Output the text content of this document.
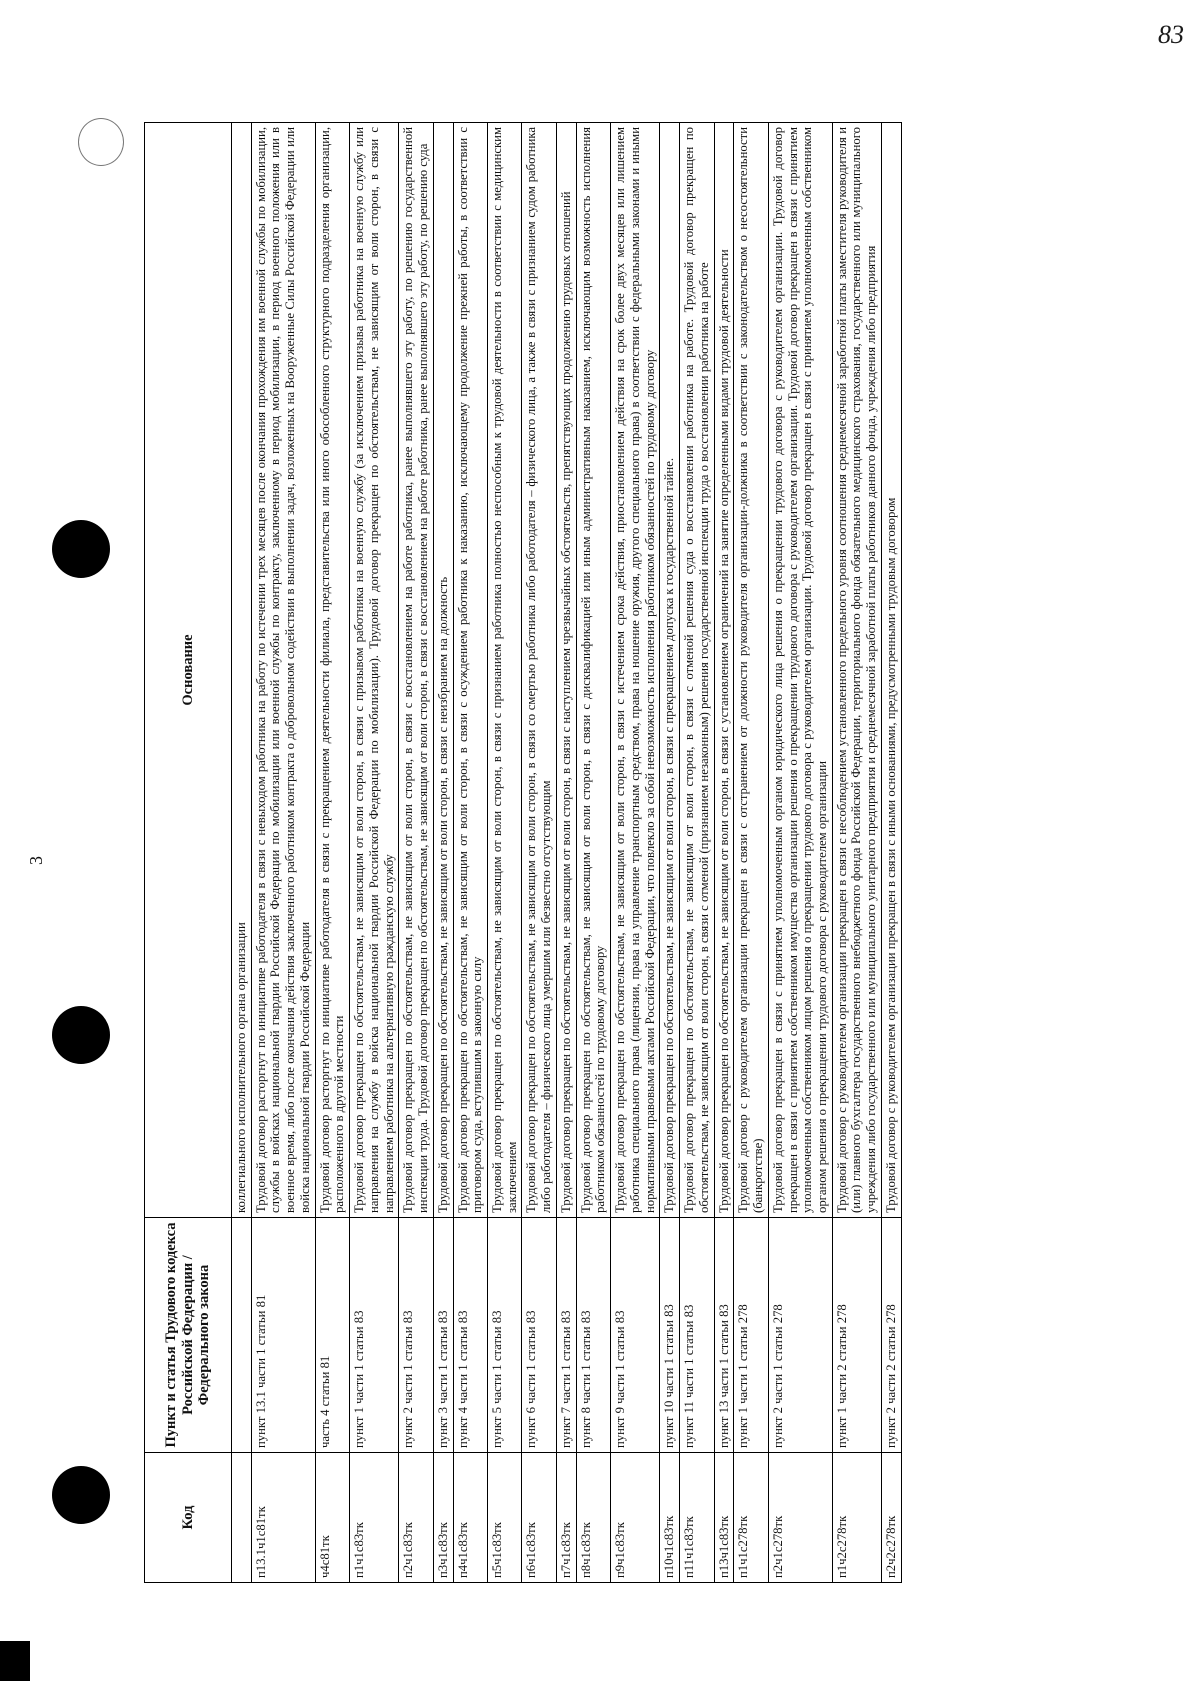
83
3
Код	Пункт и статья Трудового кодекса Российской Федерации / Федерального закона	Основание
		коллегиального исполнительного органа организации
п13.1ч1с81тк	пункт 13.1 части 1 статьи 81	Трудовой договор расторгнут по инициативе работодателя в связи с невыходом работника на работу по истечении трех месяцев после окончания прохождения им военной службы по мобилизации, службы в войсках национальной гвардии Российской Федерации по мобилизации или военной службы по контракту, заключенному в период мобилизации, в период военного положения или в военное время, либо после окончания действия заключенного работником контракта о добровольном содействии в выполнении задач, возложенных на Вооруженные Силы Российской Федерации или войска национальной гвардии Российской Федерации
ч4с81тк	часть 4 статьи 81	Трудовой договор расторгнут по инициативе работодателя в связи с прекращением деятельности филиала, представительства или иного обособленного структурного подразделения организации, расположенного в другой местности
п1ч1с83тк	пункт 1 части 1 статьи 83	Трудовой договор прекращен по обстоятельствам, не зависящим от воли сторон, в связи с призывом работника на военную службу (за исключением призыва работника на военную службу или направления на службу в войска национальной гвардии Российской Федерации по мобилизации). Трудовой договор прекращен по обстоятельствам, не зависящим от воли сторон, в связи с направлением работника на альтернативную гражданскую службу
п2ч1с83тк	пункт 2 части 1 статьи 83	Трудовой договор прекращен по обстоятельствам, не зависящим от воли сторон, в связи с восстановлением на работе работника, ранее выполнявшего эту работу, по решению государственной инспекции труда. Трудовой договор прекращен по обстоятельствам, не зависящим от воли сторон, в связи с восстановлением на работе работника, ранее выполнявшего эту работу, по решению суда
п3ч1с83тк	пункт 3 части 1 статьи 83	Трудовой договор прекращен по обстоятельствам, не зависящим от воли сторон, в связи с неизбранием на должность
п4ч1с83тк	пункт 4 части 1 статьи 83	Трудовой договор прекращен по обстоятельствам, не зависящим от воли сторон, в связи с осуждением работника к наказанию, исключающему продолжение прежней работы, в соответствии с приговором суда, вступившим в законную силу
п5ч1с83тк	пункт 5 части 1 статьи 83	Трудовой договор прекращен по обстоятельствам, не зависящим от воли сторон, в связи с признанием работника полностью неспособным к трудовой деятельности в соответствии с медицинским заключением
п6ч1с83тк	пункт 6 части 1 статьи 83	Трудовой договор прекращен по обстоятельствам, не зависящим от воли сторон, в связи со смертью работника либо работодателя – физического лица, а также в связи с признанием судом работника либо работодателя – физического лица умершим или безвестно отсутствующим
п7ч1с83тк	пункт 7 части 1 статьи 83	Трудовой договор прекращен по обстоятельствам, не зависящим от воли сторон, в связи с наступлением чрезвычайных обстоятельств, препятствующих продолжению трудовых отношений
п8ч1с83тк	пункт 8 части 1 статьи 83	Трудовой договор прекращен по обстоятельствам, не зависящим от воли сторон, в связи с дисквалификацией или иным административным наказанием, исключающим возможность исполнения работником обязанностей по трудовому договору
п9ч1с83тк	пункт 9 части 1 статьи 83	Трудовой договор прекращен по обстоятельствам, не зависящим от воли сторон, в связи с истечением срока действия, приостановлением действия на срок более двух месяцев или лишением работника специального права (лицензии, права на управление транспортным средством, права на ношение оружия, другого специального права) в соответствии с федеральными законами и иными нормативными правовыми актами Российской Федерации, что повлекло за собой невозможность исполнения работником обязанностей по трудовому договору
п10ч1с83тк	пункт 10 части 1 статьи 83	Трудовой договор прекращен по обстоятельствам, не зависящим от воли сторон, в связи с прекращением допуска к государственной тайне.
п11ч1с83тк	пункт 11 части 1 статьи 83	Трудовой договор прекращен по обстоятельствам, не зависящим от воли сторон, в связи с отменой решения суда о восстановлении работника на работе. Трудовой договор прекращен по обстоятельствам, не зависящим от воли сторон, в связи с отменой (признанием незаконным) решения государственной инспекции труда о восстановлении работника на работе
п13ч1с83тк	пункт 13 части 1 статьи 83	Трудовой договор прекращен по обстоятельствам, не зависящим от воли сторон, в связи с установлением ограничений на занятие определенными видами трудовой деятельности
п1ч1с278тк	пункт 1 части 1 статьи 278	Трудовой договор с руководителем организации прекращен в связи с отстранением от должности руководителя организации-должника в соответствии с законодательством о несостоятельности (банкротстве)
п2ч1с278тк	пункт 2 части 1 статьи 278	Трудовой договор прекращен в связи с принятием уполномоченным органом юридического лица решения о прекращении трудового договора с руководителем организации. Трудовой договор прекращен в связи с принятием собственником имущества организации решения о прекращении трудового договора с руководителем организации. Трудовой договор прекращен в связи с принятием уполномоченным собственником лицом решения о прекращении трудового договора с руководителем организации. Трудовой договор прекращен в связи с принятием уполномоченным собственником органом решения о прекращении трудового договора с руководителем организации
п1ч2с278тк	пункт 1 части 2 статьи 278	Трудовой договор с руководителем организации прекращен в связи с несоблюдением установленного предельного уровня соотношения среднемесячной заработной платы заместителя руководителя и (или) главного бухгалтера государственного внебюджетного фонда Российской Федерации, территориального фонда обязательного медицинского страхования, государственного или муниципального учреждения либо государственного или муниципального унитарного предприятия и среднемесячной заработной платы работников данного фонда, учреждения либо предприятия
п2ч2с278тк	пункт 2 части 2 статьи 278	Трудовой договор с руководителем организации прекращен в связи с иными основаниями, предусмотренными трудовым договором
